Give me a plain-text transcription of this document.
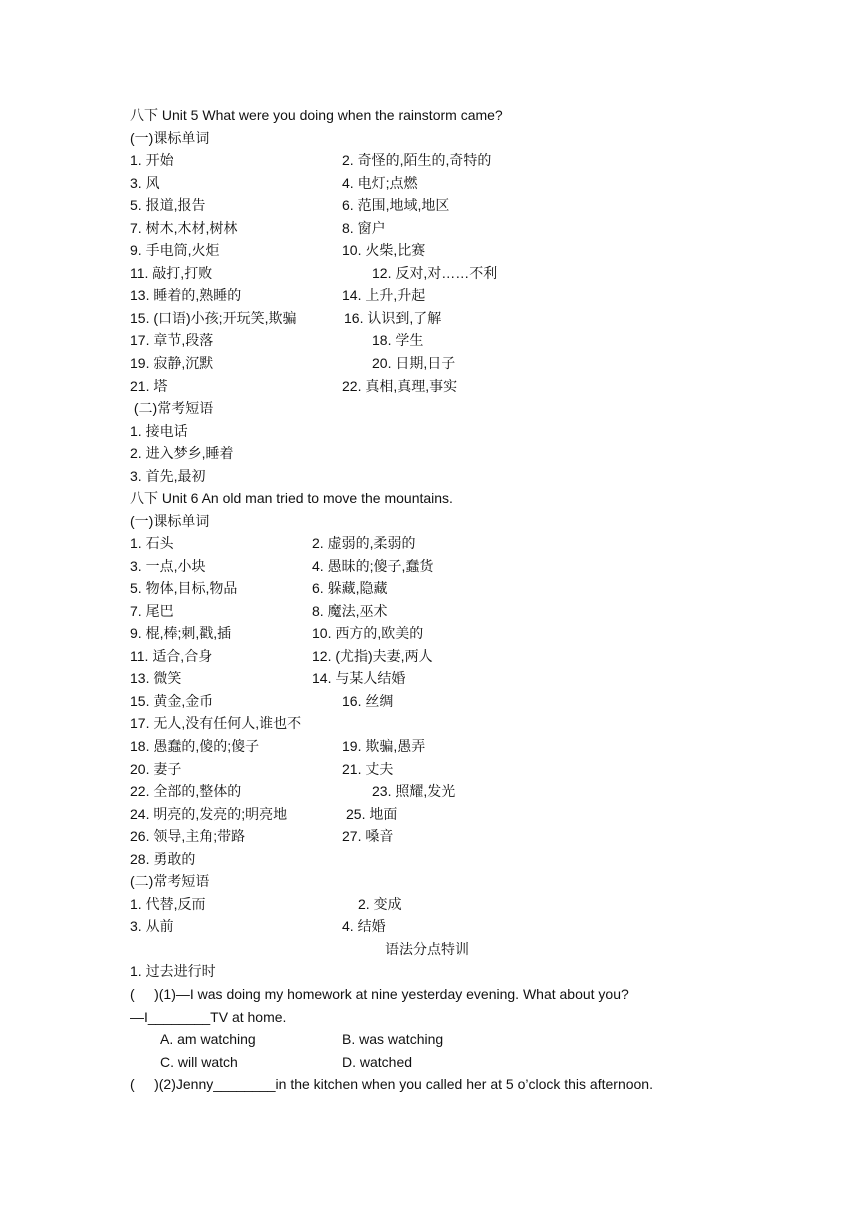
八下 Unit 5 What were you doing when the rainstorm came?
(一)课标单词
1. 开始	2. 奇怪的,陌生的,奇特的
3. 风	4. 电灯;点燃
5. 报道,报告	6. 范围,地域,地区
7. 树木,木材,树林	8. 窗户
9. 手电筒,火炬	10. 火柴,比赛
11. 敲打,打败	12. 反对,对……不利
13. 睡着的,熟睡的	14. 上升,升起
15. (口语)小孩;开玩笑,欺骗	16. 认识到,了解
17. 章节,段落	18. 学生
19. 寂静,沉默	20. 日期,日子
21. 塔	22. 真相,真理,事实
(二)常考短语
1. 接电话
2. 进入梦乡,睡着
3. 首先,最初
八下 Unit 6 An old man tried to move the mountains.
(一)课标单词
1. 石头	2. 虚弱的,柔弱的
3. 一点,小块	4. 愚昧的;傻子,蠢货
5. 物体,目标,物品	6. 躲藏,隐藏
7. 尾巴	8. 魔法,巫术
9. 棍,棒;刺,戳,插	10. 西方的,欧美的
11. 适合,合身	12. (尤指)夫妻,两人
13. 微笑	14. 与某人结婚
15. 黄金,金币	16. 丝绸
17. 无人,没有任何人,谁也不
18. 愚蠢的,傻的;傻子	19. 欺骗,愚弄
20. 妻子	21. 丈夫
22. 全部的,整体的	23. 照耀,发光
24. 明亮的,发亮的;明亮地	25. 地面
26. 领导,主角;带路	27. 嗓音
28. 勇敢的
(二)常考短语
1. 代替,反而	2. 变成
3. 从前	4. 结婚
语法分点特训
1. 过去进行时
(     )(1)—I was doing my homework at nine yesterday evening. What about you?
—I________TV at home.
A. am watching	B. was watching
C. will watch	D. watched
(     )(2)Jenny________in the kitchen when you called her at 5 o’clock this afternoon.
